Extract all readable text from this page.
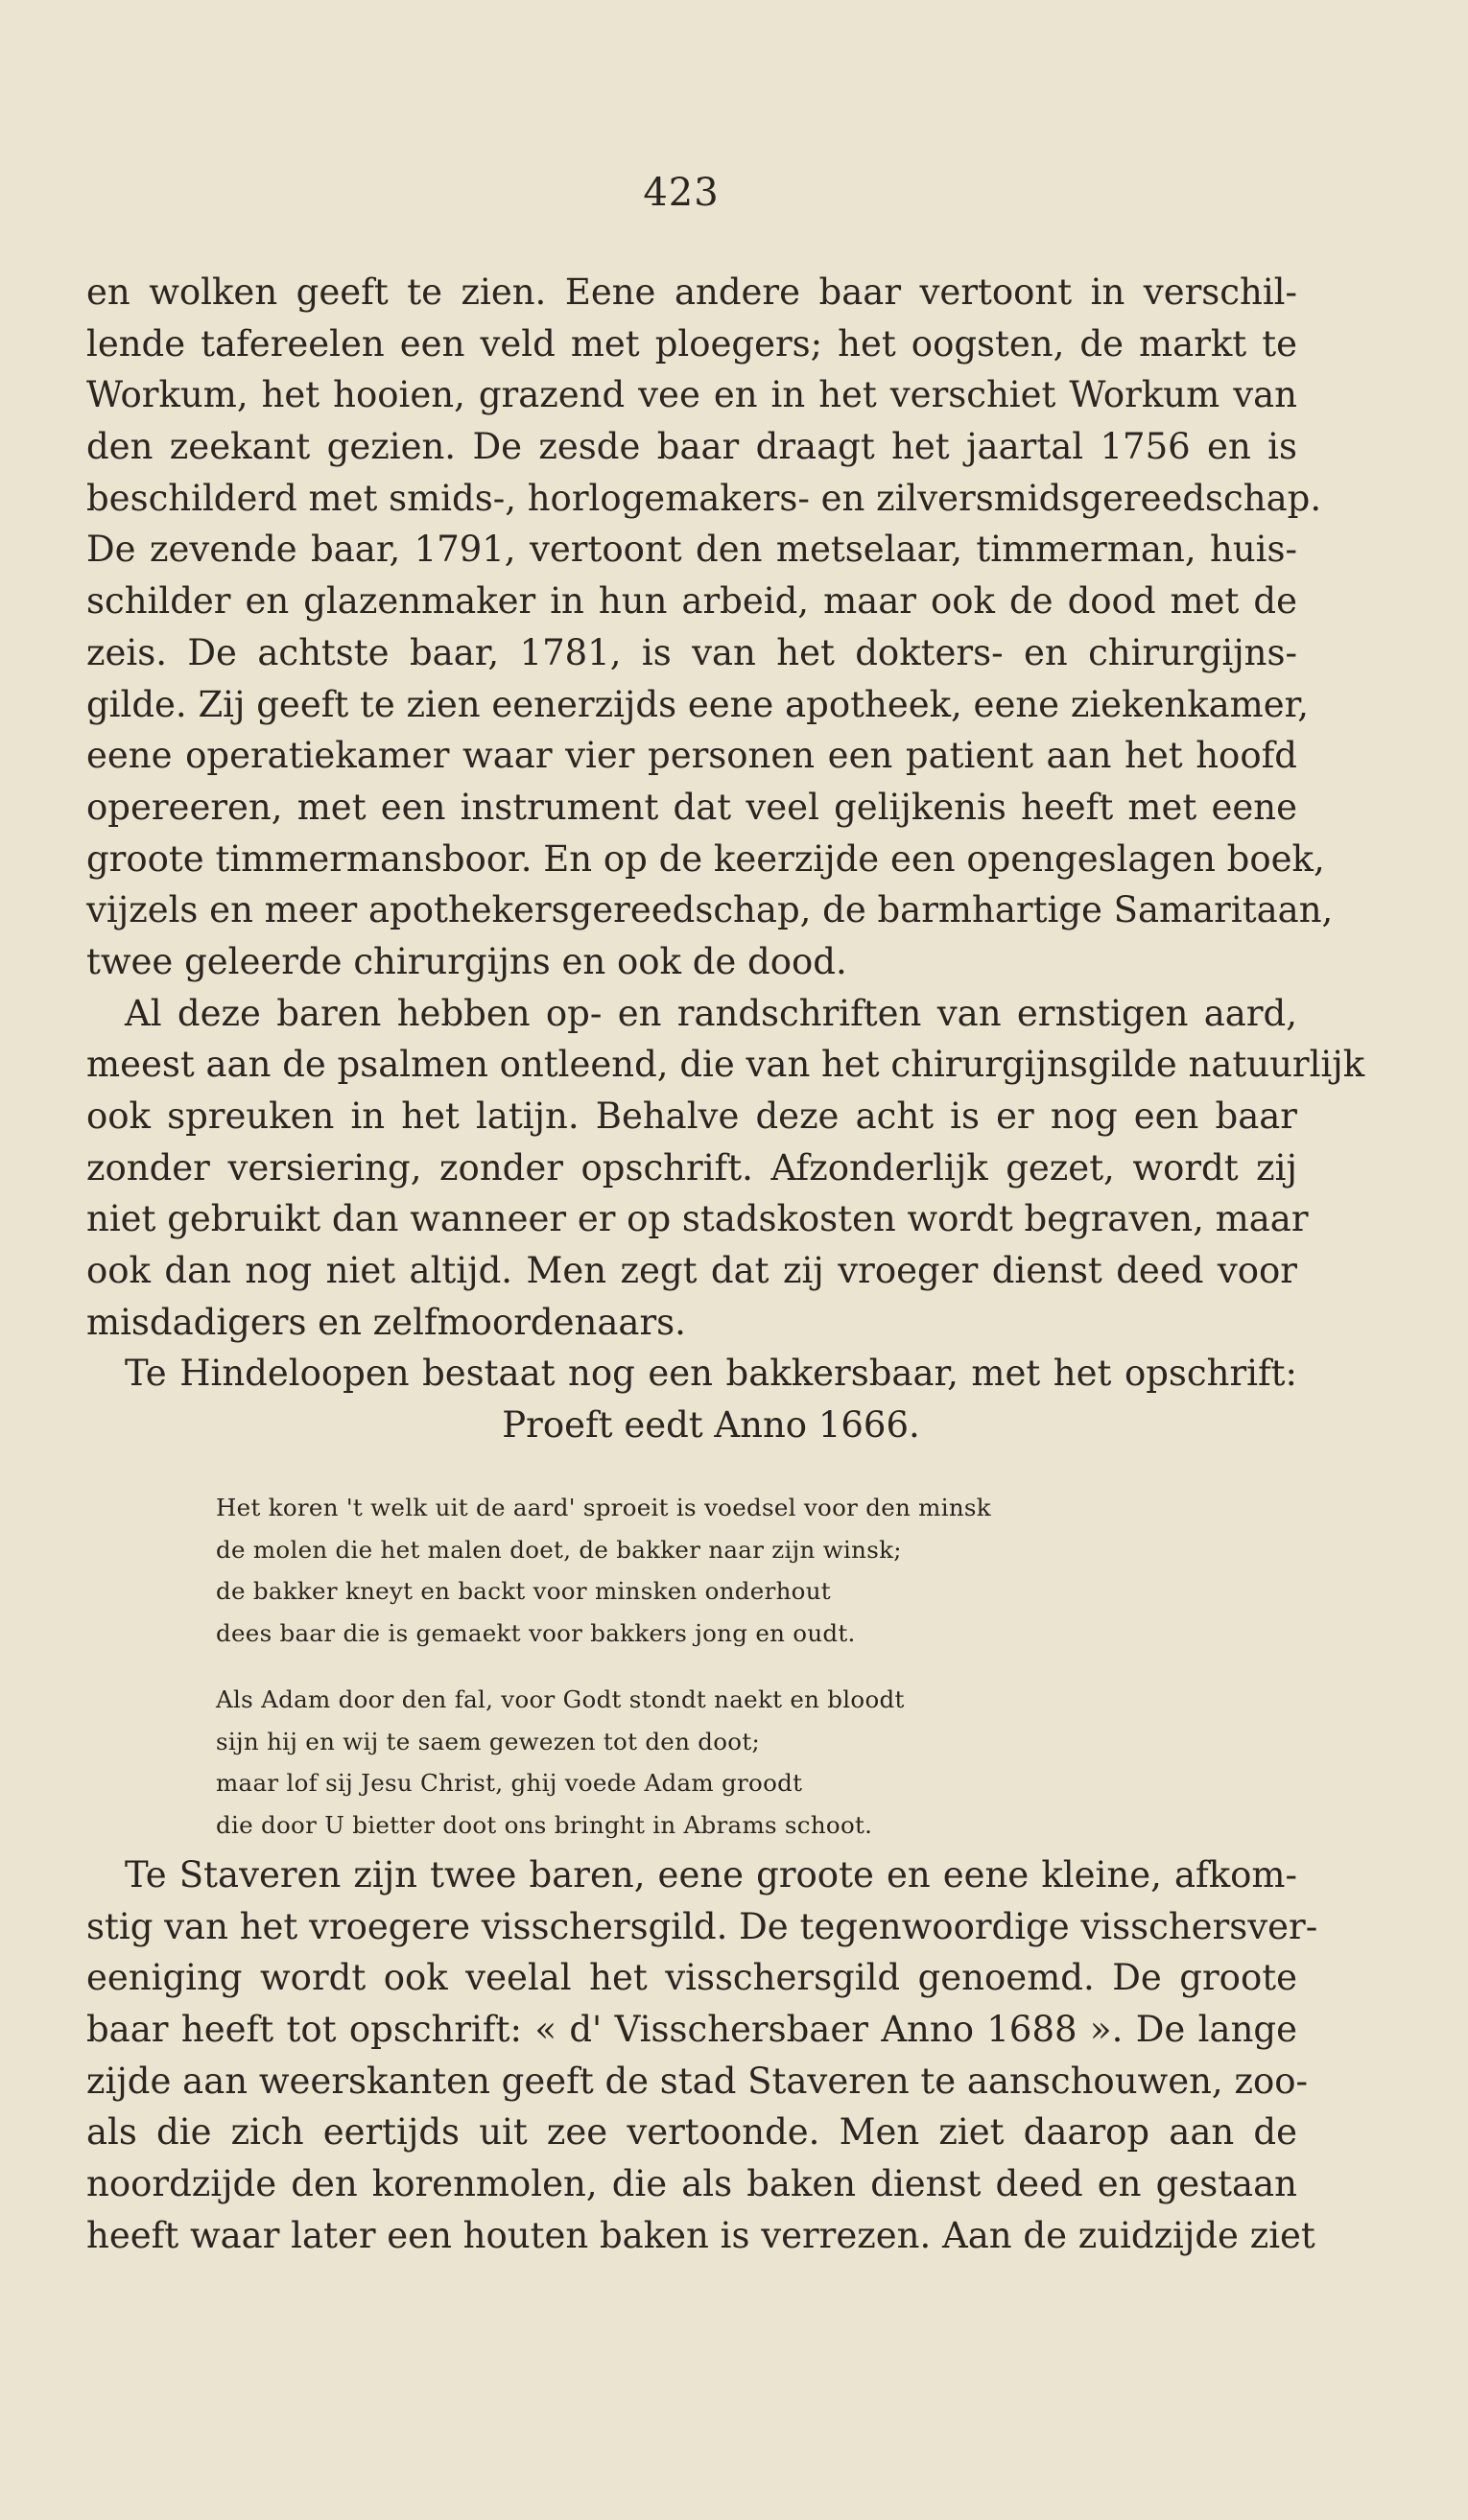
423
en wolken geeft te zien. Eene andere baar vertoont in verschil-
lende tafereelen een veld met ploegers; het oogsten, de markt te
Workum, het hooien, grazend vee en in het verschiet Workum van
den zeekant gezien. De zesde baar draagt het jaartal 1756 en is
beschilderd met smids-, horlogemakers- en zilversmidsgereedschap.
De zevende baar, 1791, vertoont den metselaar, timmerman, huis-
schilder en glazenmaker in hun arbeid, maar ook de dood met de
zeis. De achtste baar, 1781, is van het dokters- en chirurgijns-
gilde. Zij geeft te zien eenerzijds eene apotheek, eene ziekenkamer,
eene operatiekamer waar vier personen een patient aan het hoofd
opereeren, met een instrument dat veel gelijkenis heeft met eene
groote timmermansboor. En op de keerzijde een opengeslagen boek,
vijzels en meer apothekersgereedschap, de barmhartige Samaritaan,
twee geleerde chirurgijns en ook de dood.
Al deze baren hebben op- en randschriften van ernstigen aard,
meest aan de psalmen ontleend, die van het chirurgijnsgilde natuurlijk
ook spreuken in het latijn. Behalve deze acht is er nog een baar
zonder versiering, zonder opschrift. Afzonderlijk gezet, wordt zij
niet gebruikt dan wanneer er op stadskosten wordt begraven, maar
ook dan nog niet altijd. Men zegt dat zij vroeger dienst deed voor
misdadigers en zelfmoordenaars.
Te Hindeloopen bestaat nog een bakkersbaar, met het opschrift:
Proeft eedt Anno 1666.
Het koren 't welk uit de aard' sproeit is voedsel voor den minsk
de molen die het malen doet, de bakker naar zijn winsk;
de bakker kneyt en backt voor minsken onderhout
dees baar die is gemaekt voor bakkers jong en oudt.
Als Adam door den fal, voor Godt stondt naekt en bloodt
sijn hij en wij te saem gewezen tot den doot;
maar lof sij Jesu Christ, ghij voede Adam groodt
die door U bietter doot ons bringht in Abrams schoot.
Te Staveren zijn twee baren, eene groote en eene kleine, afkom-
stig van het vroegere visschersgild. De tegenwoordige visschersver-
eeniging wordt ook veelal het visschersgild genoemd. De groote
baar heeft tot opschrift: « d' Visschersbaer Anno 1688 ». De lange
zijde aan weerskanten geeft de stad Staveren te aanschouwen, zoo-
als die zich eertijds uit zee vertoonde. Men ziet daarop aan de
noordzijde den korenmolen, die als baken dienst deed en gestaan
heeft waar later een houten baken is verrezen. Aan de zuidzijde ziet
